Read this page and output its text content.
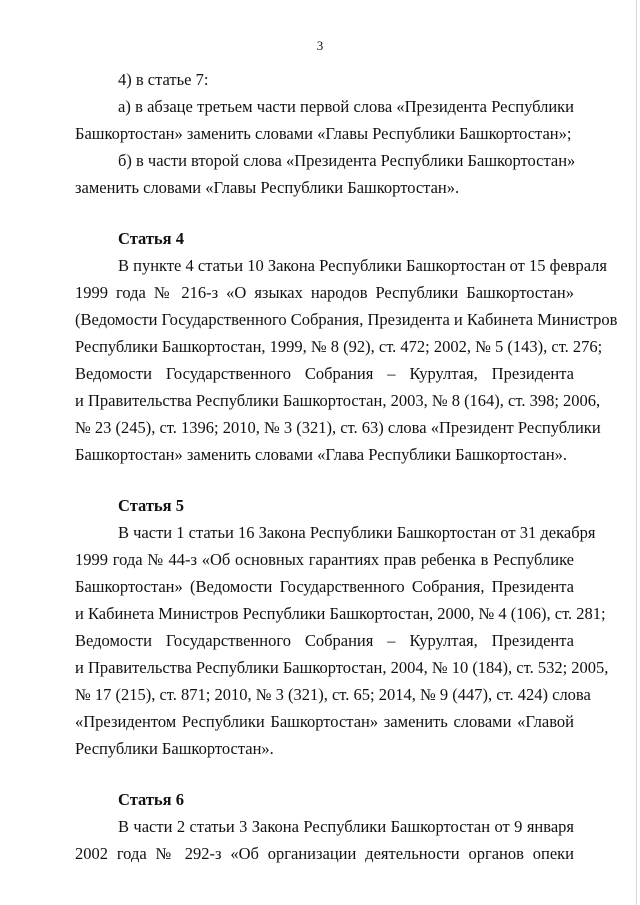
3
4) в статье 7:
а) в абзаце третьем части первой слова «Президента Республики
Башкортостан» заменить словами «Главы Республики Башкортостан»;
б) в части второй слова «Президента Республики Башкортостан»
заменить словами «Главы Республики Башкортостан».
Статья 4
В пункте 4 статьи 10 Закона Республики Башкортостан от 15 февраля
1999 года № 216-з «О языках народов Республики Башкортостан»
(Ведомости Государственного Собрания, Президента и Кабинета Министров
Республики Башкортостан, 1999, № 8 (92), ст. 472; 2002, № 5 (143), ст. 276;
Ведомости Государственного Собрания – Курултая, Президента
и Правительства Республики Башкортостан, 2003, № 8 (164), ст. 398; 2006,
№ 23 (245), ст. 1396; 2010, № 3 (321), ст. 63) слова «Президент Республики
Башкортостан» заменить словами «Глава Республики Башкортостан».
Статья 5
В части 1 статьи 16 Закона Республики Башкортостан от 31 декабря
1999 года № 44-з «Об основных гарантиях прав ребенка в Республике
Башкортостан» (Ведомости Государственного Собрания, Президента
и Кабинета Министров Республики Башкортостан, 2000, № 4 (106), ст. 281;
Ведомости Государственного Собрания – Курултая, Президента
и Правительства Республики Башкортостан, 2004, № 10 (184), ст. 532; 2005,
№ 17 (215), ст. 871; 2010, № 3 (321), ст. 65; 2014, № 9 (447), ст. 424) слова
«Президентом Республики Башкортостан» заменить словами «Главой
Республики Башкортостан».
Статья 6
В части 2 статьи 3 Закона Республики Башкортостан от 9 января
2002 года № 292-з «Об организации деятельности органов опеки
